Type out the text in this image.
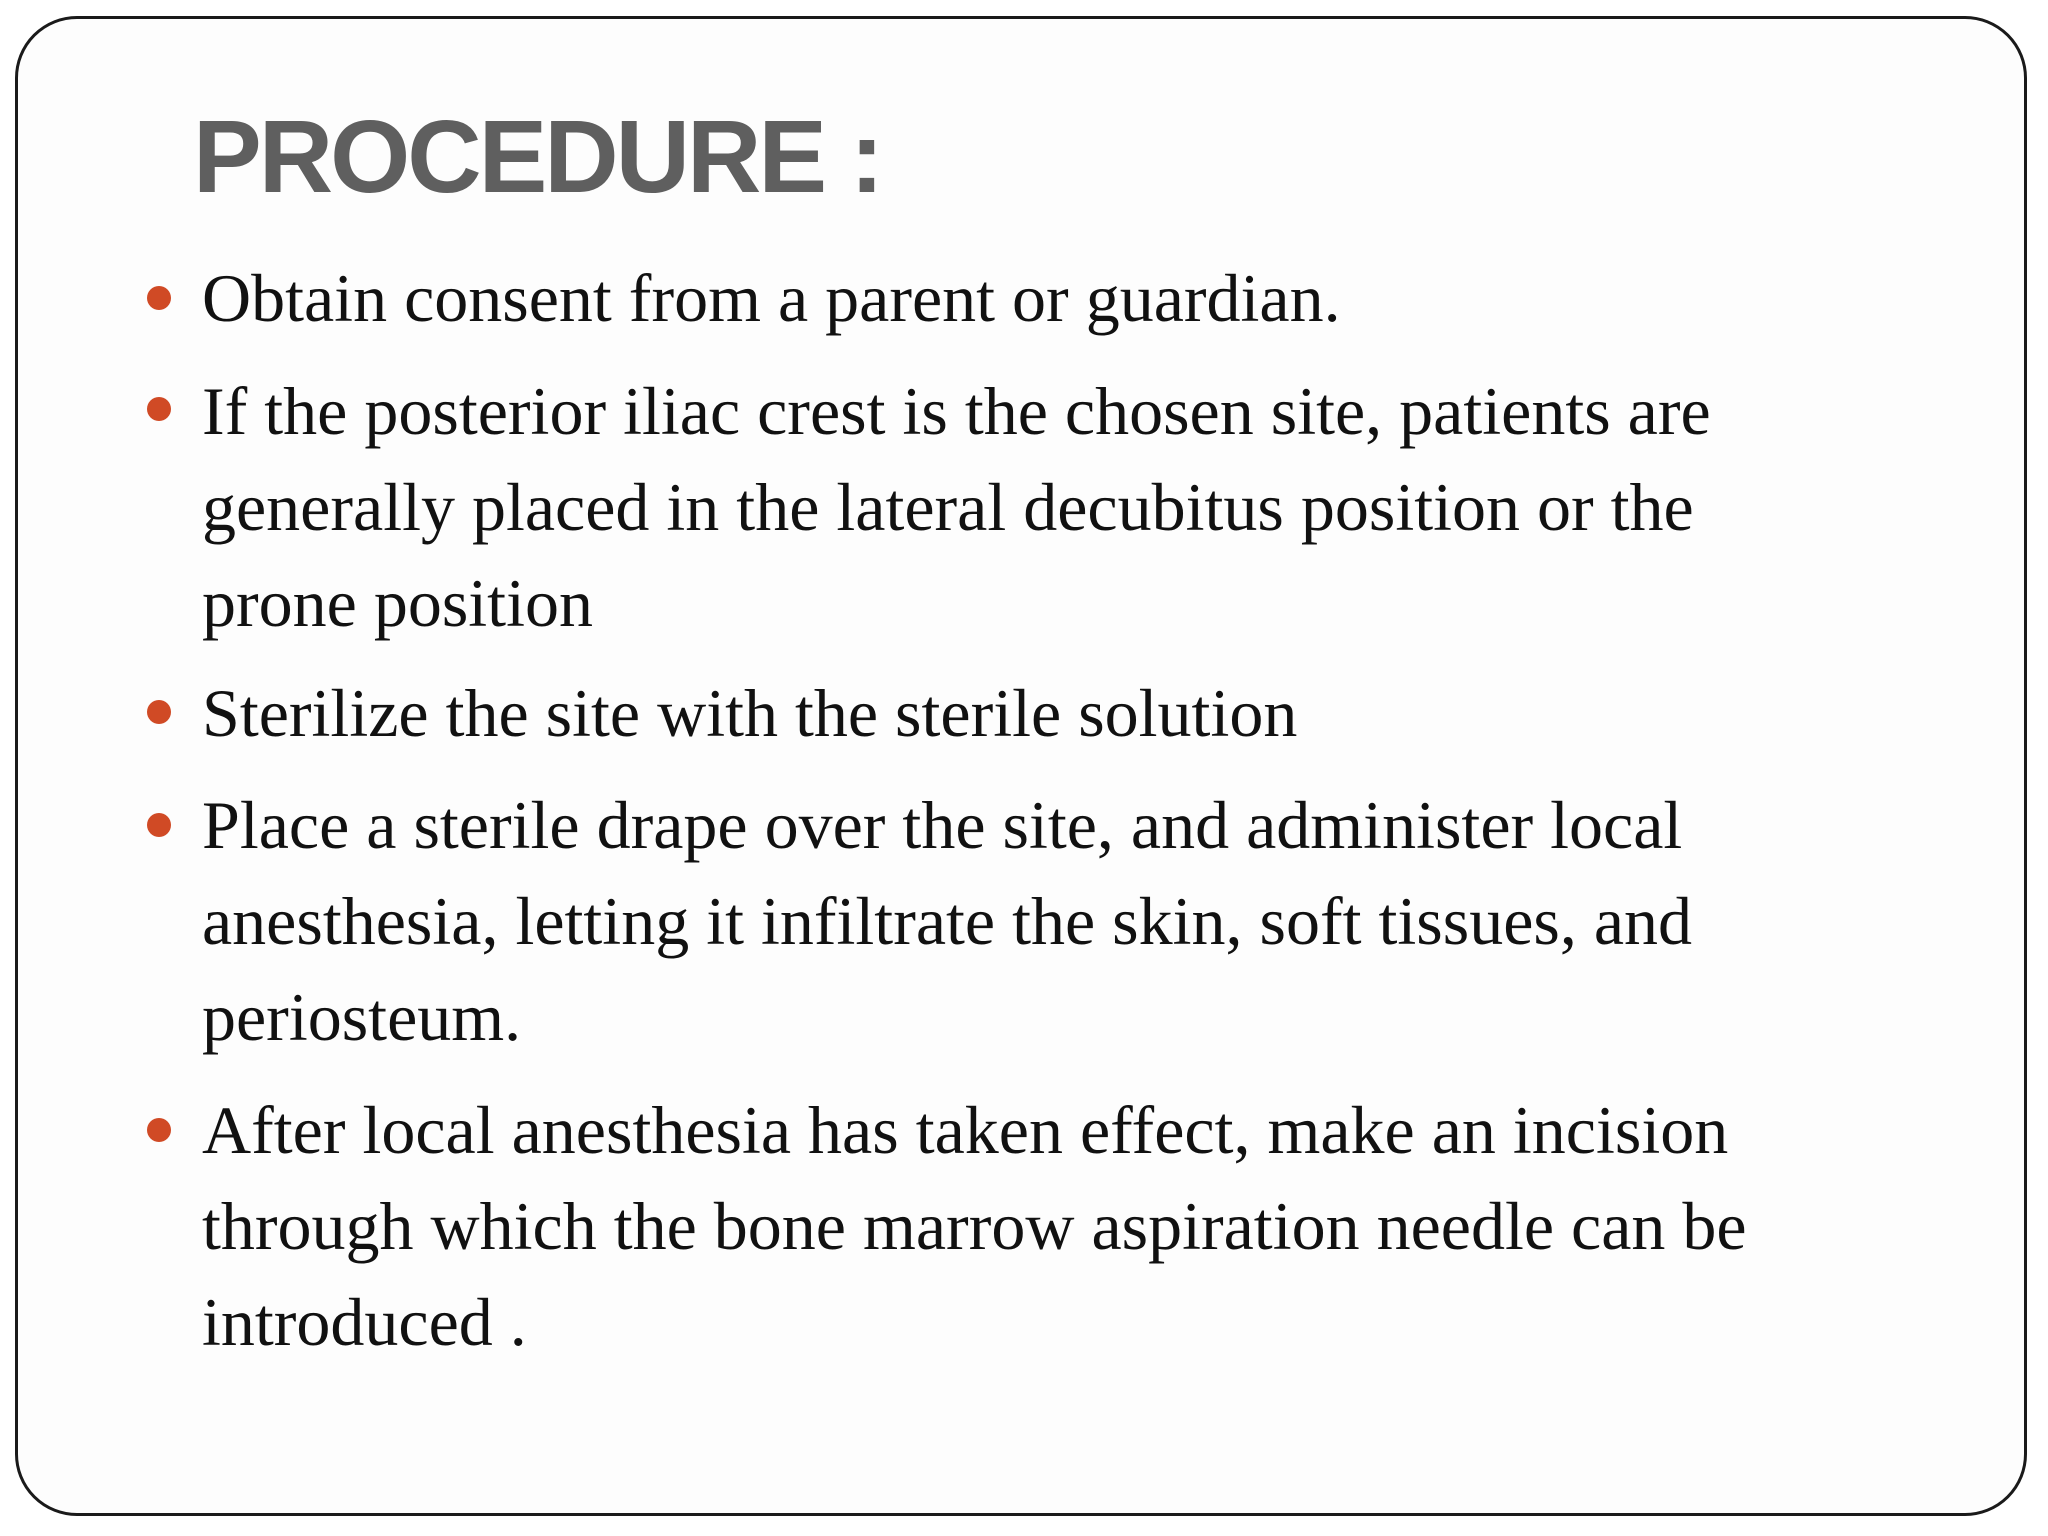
PROCEDURE :

Obtain consent from a parent or guardian.

If the posterior iliac crest is the chosen site, patients are
generally placed in the lateral decubitus position or the
prone position

Sterilize the site with the sterile solution

Place a sterile drape over the site, and administer local
anesthesia, letting it infiltrate the skin, soft tissues, and
periosteum.

After local anesthesia has taken effect, make an incision
through which the bone marrow aspiration needle can be
introduced .
